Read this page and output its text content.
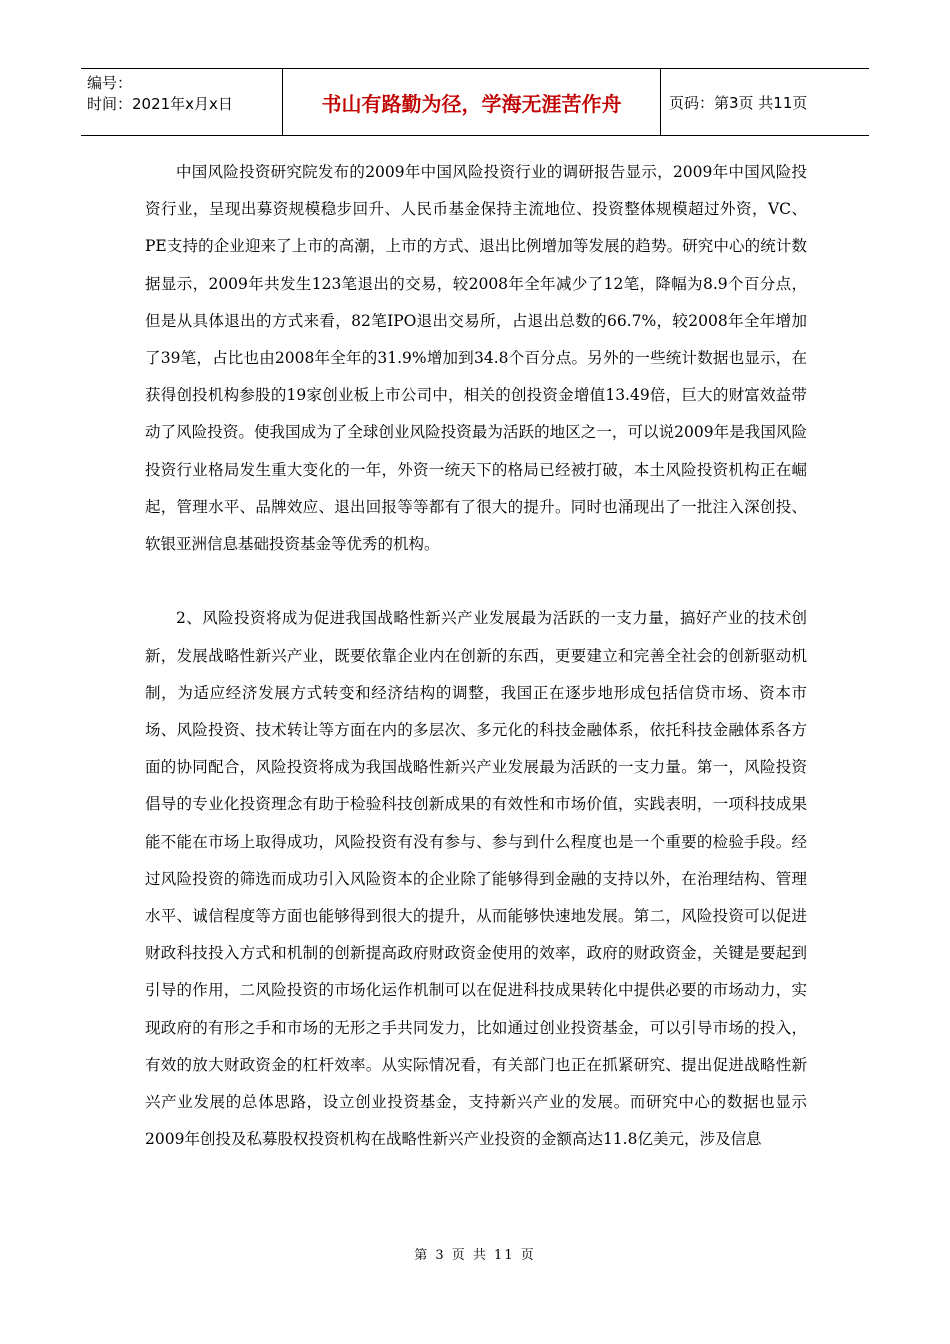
编号：
时间：2021年x月x日	书山有路勤为径，学海无涯苦作舟	页码：第3页 共11页

中国风险投资研究院发布的2009年中国风险投资行业的调研报告显示，2009年中国风险投资行业，呈现出募资规模稳步回升、人民币基金保持主流地位、投资整体规模超过外资，VC、PE支持的企业迎来了上市的高潮，上市的方式、退出比例增加等发展的趋势。研究中心的统计数据显示，2009年共发生123笔退出的交易，较2008年全年减少了12笔，降幅为8.9个百分点，但是从具体退出的方式来看，82笔IPO退出交易所，占退出总数的66.7%，较2008年全年增加了39笔，占比也由2008年全年的31.9%增加到34.8个百分点。另外的一些统计数据也显示，在获得创投机构参股的19家创业板上市公司中，相关的创投资金增值13.49倍，巨大的财富效益带动了风险投资。使我国成为了全球创业风险投资最为活跃的地区之一，可以说2009年是我国风险投资行业格局发生重大变化的一年，外资一统天下的格局已经被打破，本土风险投资机构正在崛起，管理水平、品牌效应、退出回报等等都有了很大的提升。同时也涌现出了一批注入深创投、软银亚洲信息基础投资基金等优秀的机构。

2、风险投资将成为促进我国战略性新兴产业发展最为活跃的一支力量，搞好产业的技术创新，发展战略性新兴产业，既要依靠企业内在创新的东西，更要建立和完善全社会的创新驱动机制，为适应经济发展方式转变和经济结构的调整，我国正在逐步地形成包括信贷市场、资本市场、风险投资、技术转让等方面在内的多层次、多元化的科技金融体系，依托科技金融体系各方面的协同配合，风险投资将成为我国战略性新兴产业发展最为活跃的一支力量。第一，风险投资倡导的专业化投资理念有助于检验科技创新成果的有效性和市场价值，实践表明，一项科技成果能不能在市场上取得成功，风险投资有没有参与、参与到什么程度也是一个重要的检验手段。经过风险投资的筛选而成功引入风险资本的企业除了能够得到金融的支持以外，在治理结构、管理水平、诚信程度等方面也能够得到很大的提升，从而能够快速地发展。第二，风险投资可以促进财政科技投入方式和机制的创新提高政府财政资金使用的效率，政府的财政资金，关键是要起到引导的作用，二风险投资的市场化运作机制可以在促进科技成果转化中提供必要的市场动力，实现政府的有形之手和市场的无形之手共同发力，比如通过创业投资基金，可以引导市场的投入，有效的放大财政资金的杠杆效率。从实际情况看，有关部门也正在抓紧研究、提出促进战略性新兴产业发展的总体思路，设立创业投资基金，支持新兴产业的发展。而研究中心的数据也显示2009年创投及私募股权投资机构在战略性新兴产业投资的金额高达11.8亿美元，涉及信息

第 3 页 共 11 页
